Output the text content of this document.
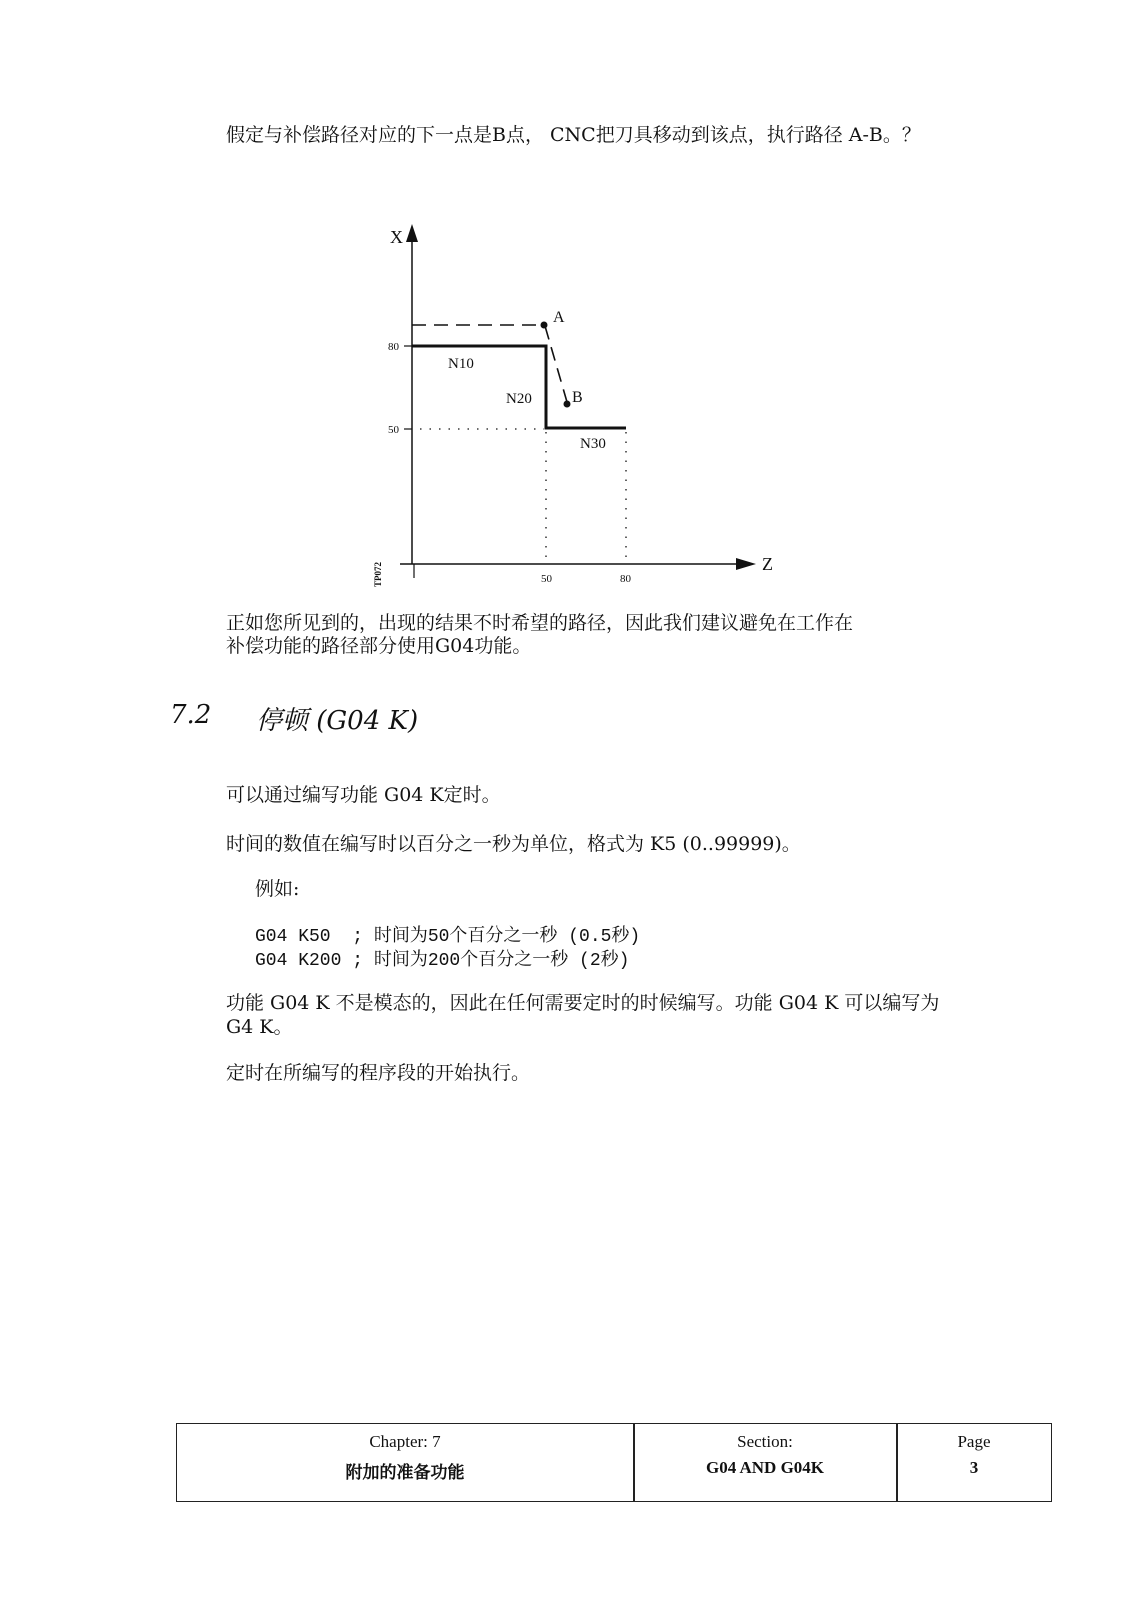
假定与补偿路径对应的下一点是B点， CNC把刀具移动到该点，执行路径 A-B。？
X
Z
80
50
50	80
A
B
N10
N20
N30
TP072
正如您所见到的，出现的结果不时希望的路径，因此我们建议避免在工作在
补偿功能的路径部分使用G04功能。
7.2 停顿 (G04 K)
可以通过编写功能 G04 K定时。
时间的数值在编写时以百分之一秒为单位，格式为 K5 (0..99999)。
例如:
G04 K50  ; 时间为50个百分之一秒 (0.5秒)
G04 K200 ; 时间为200个百分之一秒 (2秒)
功能 G04 K 不是模态的，因此在任何需要定时的时候编写。功能 G04 K 可以编写为
G4 K。
定时在所编写的程序段的开始执行。
Chapter: 7
附加的准备功能
Section:
G04 AND G04K
Page
3
